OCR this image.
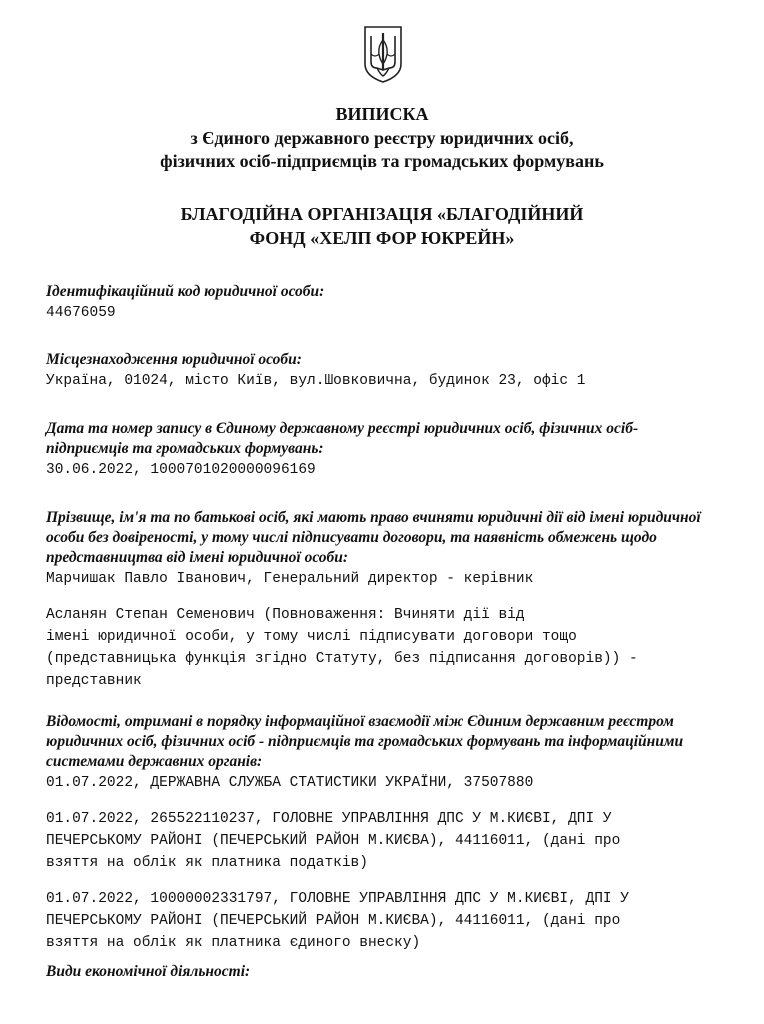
ВИПИСКА
з Єдиного державного реєстру юридичних осіб,
фізичних осіб-підприємців та громадських формувань
БЛАГОДІЙНА ОРГАНІЗАЦІЯ «БЛАГОДІЙНИЙ
ФОНД «ХЕЛП ФОР ЮКРЕЙН»

Ідентифікаційний код юридичної особи:

44676059

Місцезнаходження юридичної особи:

Україна, 01024, місто Київ, вул.Шовковична, будинок 23, офіс 1

Дата та номер запису в Єдиному державному реєстрі юридичних осіб, фізичних осіб-
підприємців та громадських формувань:

30.06.2022, 1000701020000096169

Прізвище, ім'я та по батькові осіб, які мають право вчиняти юридичні дії від імені юридичної
особи без довіреності, у тому числі підписувати договори, та наявність обмежень щодо
представництва від імені юридичної особи:

Марчишак Павло Іванович, Генеральний директор - керівник

Асланян Степан Семенович (Повноваження: Вчиняти дії від
імені юридичної особи, у тому числі підписувати договори тощо
(представницька функція згідно Статуту, без підписання договорів)) -
представник

Відомості, отримані в порядку інформаційної взаємодії між Єдиним державним реєстром
юридичних осіб, фізичних осіб - підприємців та громадських формувань та інформаційними
системами державних органів:

01.07.2022, ДЕРЖАВНА СЛУЖБА СТАТИСТИКИ УКРАЇНИ, 37507880

01.07.2022, 265522110237, ГОЛОВНЕ УПРАВЛІННЯ ДПС У М.КИЄВІ, ДПІ У
ПЕЧЕРСЬКОМУ РАЙОНІ (ПЕЧЕРСЬКИЙ РАЙОН М.КИЄВА), 44116011, (дані про
взяття на облік як платника податків)

01.07.2022, 10000002331797, ГОЛОВНЕ УПРАВЛІННЯ ДПС У М.КИЄВІ, ДПІ У
ПЕЧЕРСЬКОМУ РАЙОНІ (ПЕЧЕРСЬКИЙ РАЙОН М.КИЄВА), 44116011, (дані про
взяття на облік як платника єдиного внеску)

Види економічної діяльності:
